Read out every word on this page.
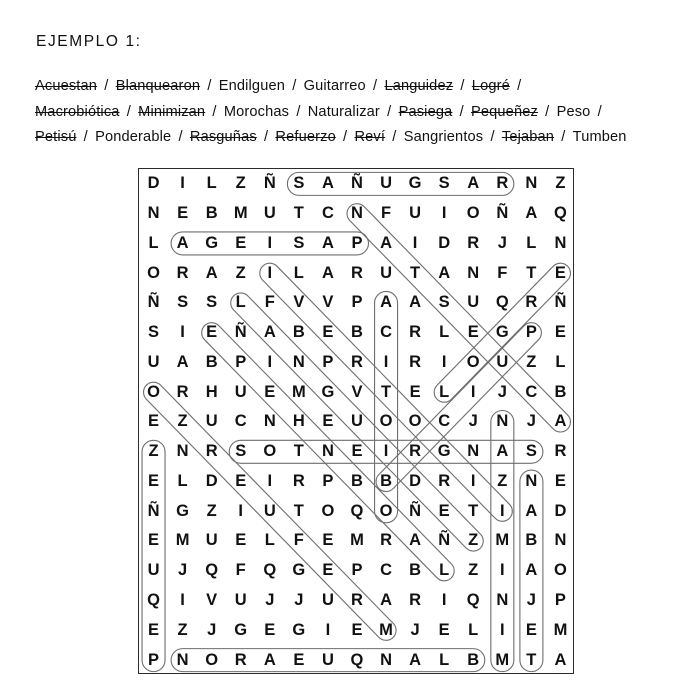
EJEMPLO 1:
Acuestan / Blanquearon / Endilguen / Guitarreo / Languidez / Logré /
Macrobiótica / Minimizan / Morochas / Naturalizar / Pasiega / Pequeñez / Peso /
Petisú / Ponderable / Rasguñas / Refuerzo / Reví / Sangrientos / Tejaban / Tumben
D	I	L	Z	Ñ	S	A	Ñ	U	G	S	A	R	N	Z
N	E	B	M	U	T	C	N	F	U	I	O	Ñ	A	Q
L	A	G	E	I	S	A	P	A	I	D	R	J	L	N
O	R	A	Z	I	L	A	R	U	T	A	N	F	T	E
Ñ	S	S	L	F	V	V	P	A	A	S	U	Q	R	Ñ
S	I	E	Ñ	A	B	E	B	C	R	L	E	G	P	E
U	A	B	P	I	N	P	R	I	R	I	O	U	Z	L
O	R	H	U	E	M	G	V	T	E	L	I	J	C	B
E	Z	U	C	N	H	E	U	O	O	C	J	N	J	A
Z	N	R	S	O	T	N	E	I	R	G	N	A	S	R
E	L	D	E	I	R	P	B	B	D	R	I	Z	N	E
Ñ	G	Z	I	U	T	O	Q	O	Ñ	E	T	I	A	D
E	M	U	E	L	F	E	M	R	A	Ñ	Z	M	B	N
U	J	Q	F	Q	G	E	P	C	B	L	Z	I	A	O
Q	I	V	U	J	J	U	R	A	R	I	Q	N	J	P
E	Z	J	G	E	G	I	E	M	J	E	L	I	E	M
P	N	O	R	A	E	U	Q	N	A	L	B	M	T	A
